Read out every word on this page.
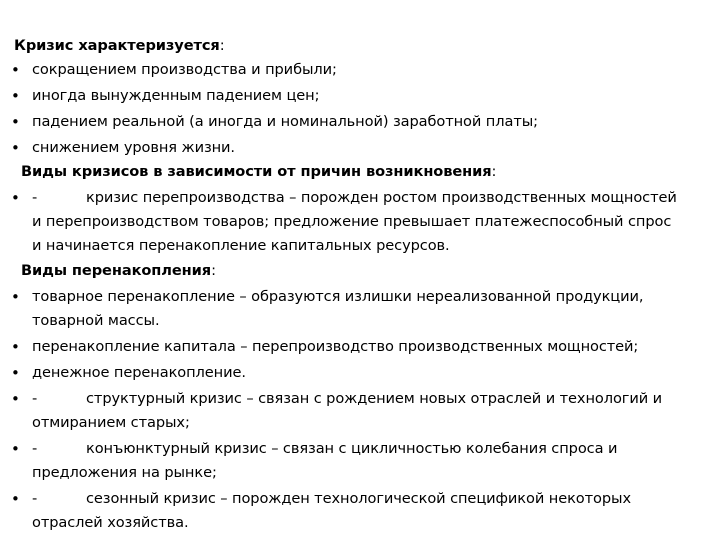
Кризис характеризуется:
• сокращением производства и прибыли;
• иногда вынужденным падением цен;
• падением реальной (а иногда и номинальной) заработной платы;
• снижением уровня жизни.
Виды кризисов в зависимости от причин возникновения:
• -	кризис перепроизводства – порожден ростом производственных мощностей
и перепроизводством товаров; предложение превышает платежеспособный спрос
и начинается перенакопление капитальных ресурсов.
Виды перенакопления:
• товарное перенакопление – образуются излишки нереализованной продукции,
товарной массы.
• перенакопление капитала – перепроизводство производственных мощностей;
• денежное перенакопление.
• -	структурный кризис – связан с рождением новых отраслей и технологий и
отмиранием старых;
• -	конъюнктурный кризис – связан с цикличностью колебания спроса и
предложения на рынке;
• -	сезонный кризис – порожден технологической спецификой некоторых
отраслей хозяйства.
